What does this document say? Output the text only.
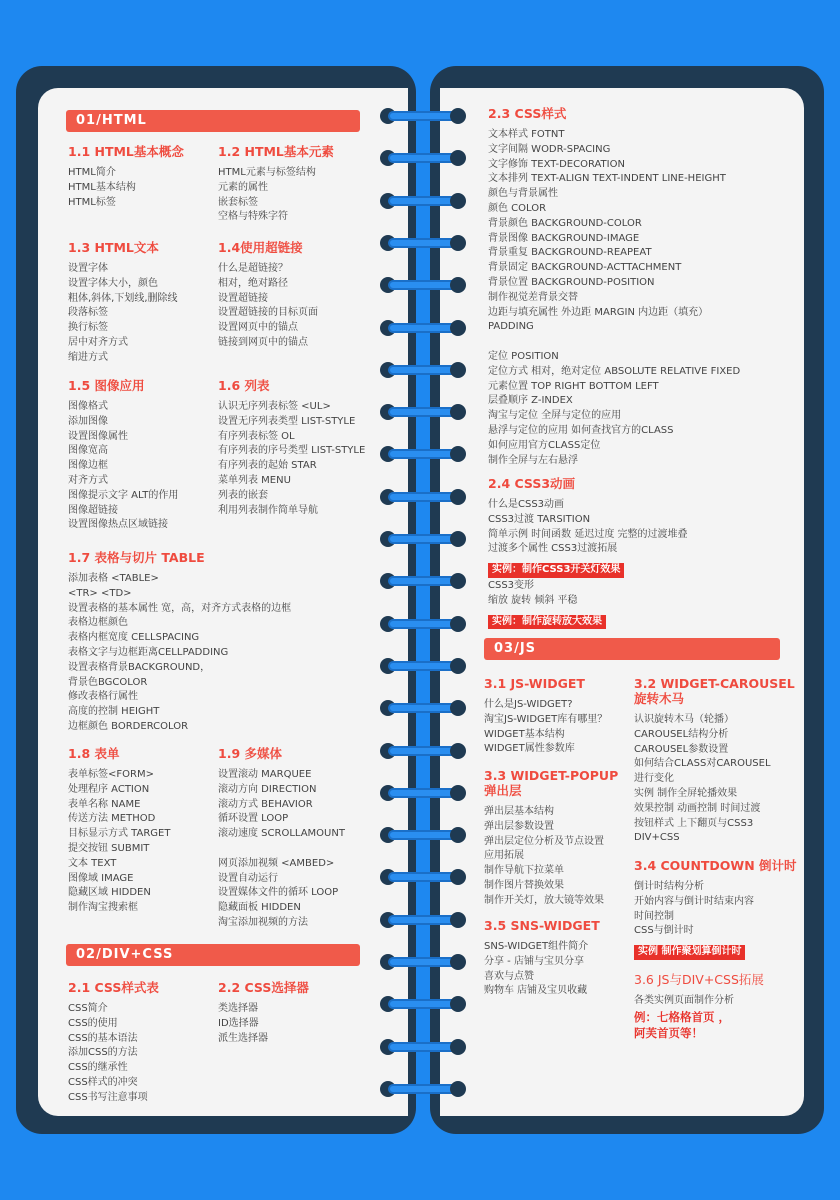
01/HTML
1.1 HTML基本概念
HTML简介
HTML基本结构
HTML标签
1.2 HTML基本元素
HTML元素与标签结构
元素的属性
嵌套标签
空格与特殊字符
1.3 HTML文本
设置字体
设置字体大小，颜色
粗体,斜体,下划线,删除线
段落标签
换行标签
居中对齐方式
缩进方式
1.4使用超链接
什么是超链接？
相对，绝对路径
设置超链接
设置超链接的目标页面
设置网页中的锚点
链接到网页中的锚点
1.5 图像应用
图像格式
添加图像
设置图像属性
图像宽高
图像边框
对齐方式
图像提示文字 ALT的作用
图像超链接
设置图像热点区域链接
1.6 列表
认识无序列表标签 <UL>
设置无序列表类型 LIST-STYLE
有序列表标签 OL
有序列表的序号类型 LIST-STYLE
有序列表的起始 STAR
菜单列表 MENU
列表的嵌套
利用列表制作简单导航
1.7 表格与切片 TABLE
添加表格 <TABLE>
<TR> <TD>
设置表格的基本属性 宽，高，对齐方式表格的边框
表格边框颜色
表格内框宽度 CELLSPACING
表格文字与边框距离CELLPADDING
设置表格背景BACKGROUND，
背景色BGCOLOR
修改表格行属性
高度的控制 HEIGHT
边框颜色 BORDERCOLOR
1.8 表单
表单标签<FORM>
处理程序 ACTION
表单名称 NAME
传送方法 METHOD
目标显示方式 TARGET
提交按钮 SUBMIT
文本 TEXT
图像域 IMAGE
隐藏区域 HIDDEN
制作淘宝搜索框
1.9 多媒体
设置滚动 MARQUEE
滚动方向 DIRECTION
滚动方式 BEHAVIOR
循环设置 LOOP
滚动速度 SCROLLAMOUNT
网页添加视频 <AMBED>
设置自动运行
设置媒体文件的循环 LOOP
隐藏面板 HIDDEN
淘宝添加视频的方法
02/DIV+CSS
2.1 CSS样式表
CSS简介
CSS的使用
CSS的基本语法
添加CSS的方法
CSS的继承性
CSS样式的冲突
CSS书写注意事项
2.2 CSS选择器
类选择器
ID选择器
派生选择器
2.3 CSS样式
文本样式 FOTNT
文字间隔 WODR-SPACING
文字修饰 TEXT-DECORATION
文本排列 TEXT-ALIGN TEXT-INDENT LINE-HEIGHT
颜色与背景属性
颜色 COLOR
背景颜色 BACKGROUND-COLOR
背景图像 BACKGROUND-IMAGE
背景重复 BACKGROUND-REAPEAT
背景固定 BACKGROUND-ACTTACHMENT
背景位置 BACKGROUND-POSITION
制作视觉差背景交替
边距与填充属性 外边距 MARGIN 内边距（填充）
PADDING
定位 POSITION
定位方式 相对，绝对定位 ABSOLUTE RELATIVE FIXED
元素位置 TOP RIGHT BOTTOM LEFT
层叠顺序 Z-INDEX
淘宝与定位 全屏与定位的应用
悬浮与定位的应用 如何查找官方的CLASS
如何应用官方CLASS定位
制作全屏与左右悬浮
2.4 CSS3动画
什么是CSS3动画
CSS3过渡 TARSITION
简单示例 时间函数 延迟过度 完整的过渡堆叠
过渡多个属性 CSS3过渡拓展
实例：制作CSS3开关灯效果
CSS3变形
缩放 旋转 倾斜 平稳
实例：制作旋转放大效果
03/JS
3.1 JS-WIDGET
什么是JS-WIDGET?
淘宝JS-WIDGET库有哪里？
WIDGET基本结构
WIDGET属性参数库
3.2 WIDGET-CAROUSEL
旋转木马
认识旋转木马（轮播）
CAROUSEL结构分析
CAROUSEL参数设置
如何结合CLASS对CAROUSEL
进行变化
实例 制作全屏轮播效果
效果控制 动画控制 时间过渡
按钮样式 上下翻页与CSS3
DIV+CSS
3.3 WIDGET-POPUP
弹出层
弹出层基本结构
弹出层参数设置
弹出层定位分析及节点设置
应用拓展
制作导航下拉菜单
制作图片替换效果
制作开关灯，放大镜等效果
3.4 COUNTDOWN 倒计时
倒计时结构分析
开始内容与倒计时结束内容
时间控制
CSS与倒计时
实例 制作聚划算倒计时
3.5 SNS-WIDGET
SNS-WIDGET组件简介
分享 - 店铺与宝贝分享
喜欢与点赞
购物车 店铺及宝贝收藏
3.6 JS与DIV+CSS拓展
各类实例页面制作分析
例：七格格首页 ，
阿芙首页等！
